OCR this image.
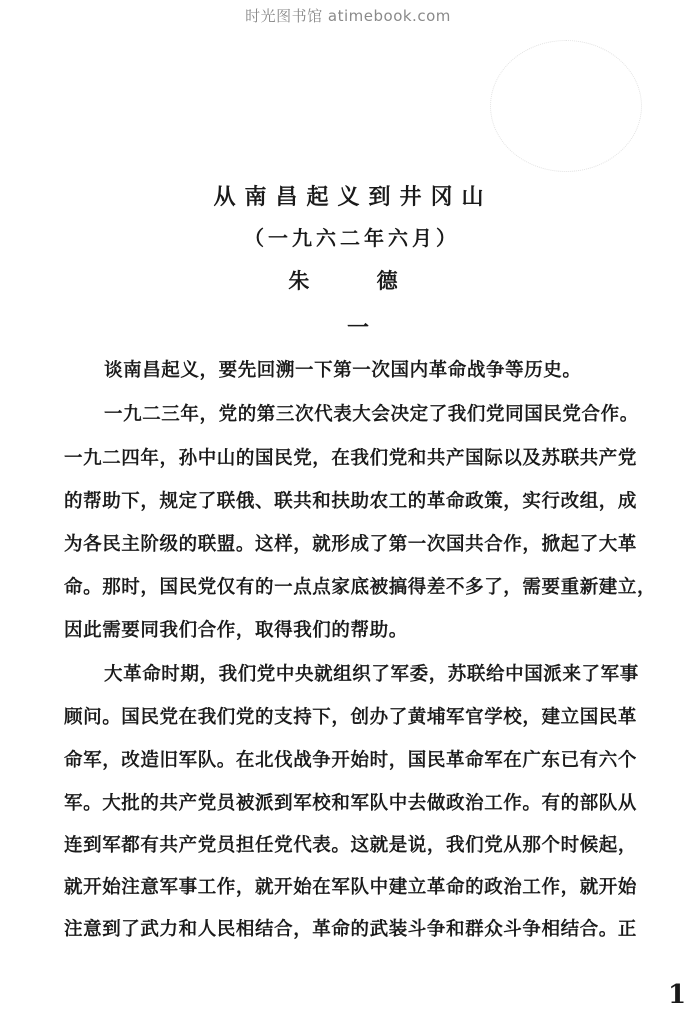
时光图书馆 atimebook.com
从南昌起义到井冈山
（一九六二年六月）
朱 德
一
谈南昌起义，要先回溯一下第一次国内革命战争等历史。
一九二三年，党的第三次代表大会决定了我们党同国民党合作。
一九二四年，孙中山的国民党，在我们党和共产国际以及苏联共产党
的帮助下，规定了联俄、联共和扶助农工的革命政策，实行改组，成
为各民主阶级的联盟。这样，就形成了第一次国共合作，掀起了大革
命。那时，国民党仅有的一点点家底被搞得差不多了，需要重新建立，
因此需要同我们合作，取得我们的帮助。
大革命时期，我们党中央就组织了军委，苏联给中国派来了军事
顾问。国民党在我们党的支持下，创办了黄埔军官学校，建立国民革
命军，改造旧军队。在北伐战争开始时，国民革命军在广东已有六个
军。大批的共产党员被派到军校和军队中去做政治工作。有的部队从
连到军都有共产党员担任党代表。这就是说，我们党从那个时候起，
就开始注意军事工作，就开始在军队中建立革命的政治工作，就开始
注意到了武力和人民相结合，革命的武装斗争和群众斗争相结合。正
1
